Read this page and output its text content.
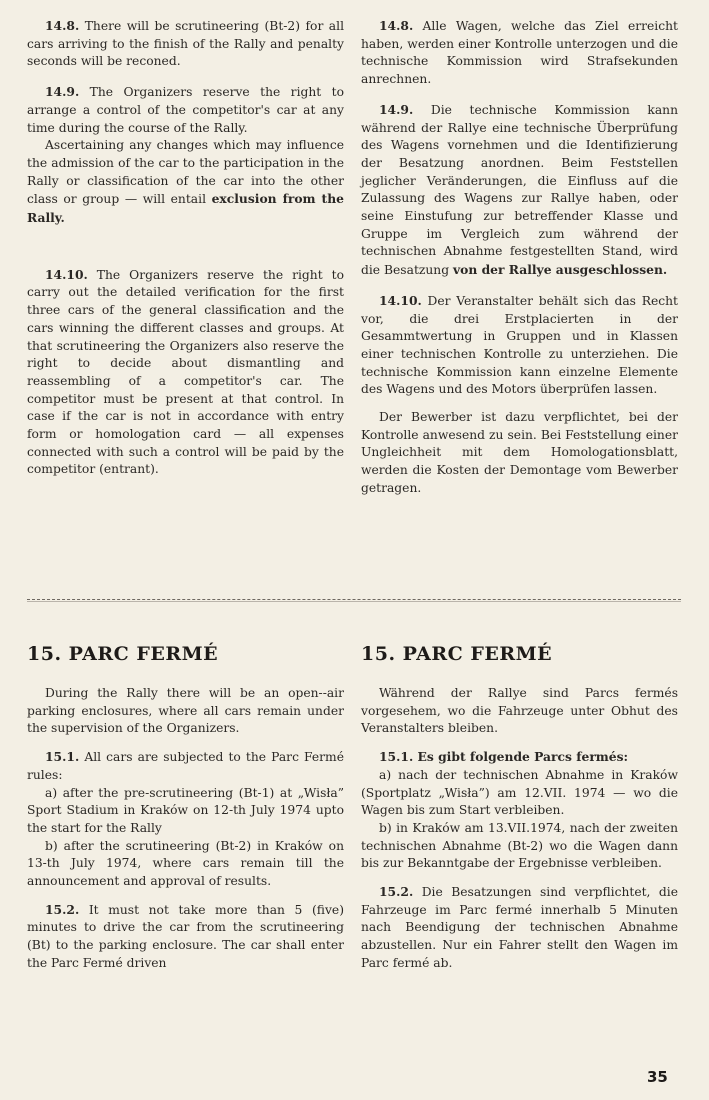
14.8. There will be scrutineering (Bt-2) for all cars arriving to the finish of the Rally and penalty seconds will be reconed.

14.9. The Organizers reserve the right to arrange a control of the competitor's car at any time during the course of the Rally.

Ascertaining any changes which may influence the admission of the car to the participation in the Rally or classification of the car into the other class or group — will entail exclusion from the Rally.

14.10. The Organizers reserve the right to carry out the detailed verification for the first three cars of the general classification and the cars winning the different classes and groups. At that scrutineering the Organizers also reserve the right to decide about dismantling and reassembling of a competitor's car. The competitor must be present at that control. In case if the car is not in accordance with entry form or homologation card — all expenses connected with such a control will be paid by the competitor (entrant).

14.8. Alle Wagen, welche das Ziel erreicht haben, werden einer Kontrolle unterzogen und die technische Kommission wird Strafsekunden anrechnen.

14.9. Die technische Kommission kann während der Rallye eine technische Überprüfung des Wagens vornehmen und die Identifizierung der Besatzung anordnen. Beim Feststellen jeglicher Veränderungen, die Einfluss auf die Zulassung des Wagens zur Rallye haben, oder seine Einstufung zur betreffender Klasse und Gruppe im Vergleich zum während der technischen Abnahme festgestellten Stand, wird die Besatzung von der Rallye ausgeschlossen.

14.10. Der Veranstalter behält sich das Recht vor, die drei Erstplacierten in der Gesammtwertung in Gruppen und in Klassen einer technischen Kontrolle zu unterziehen. Die technische Kommission kann einzelne Elemente des Wagens und des Motors überprüfen lassen.

Der Bewerber ist dazu verpflichtet, bei der Kontrolle anwesend zu sein. Bei Feststellung einer Ungleichheit mit dem Homologationsblatt, werden die Kosten der Demontage vom Bewerber getragen.

15. PARC FERMÉ	15. PARC FERMÉ

During the Rally there will be an open--air parking enclosures, where all cars remain under the supervision of the Organizers.

15.1. All cars are subjected to the Parc Fermé rules:

a) after the pre-scrutineering (Bt-1) at „Wisła” Sport Stadium in Kraków on 12-th July 1974 upto the start for the Rally

b) after the scrutineering (Bt-2) in Kraków on 13-th July 1974, where cars remain till the announcement and approval of results.

15.2. It must not take more than 5 (five) minutes to drive the car from the scrutineering (Bt) to the parking enclosure. The car shall enter the Parc Fermé driven

Während der Rallye sind Parcs fermés vorgesehem, wo die Fahrzeuge unter Obhut des Veranstalters bleiben.

15.1. Es gibt folgende Parcs fermés:

a) nach der technischen Abnahme in Kraków (Sportplatz „Wisła”) am 12.VII. 1974 — wo die Wagen bis zum Start verbleiben.

b) in Kraków am 13.VII.1974, nach der zweiten technischen Abnahme (Bt-2) wo die Wagen dann bis zur Bekanntgabe der Ergebnisse verbleiben.

15.2. Die Besatzungen sind verpflichtet, die Fahrzeuge im Parc fermé innerhalb 5 Minuten nach Beendigung der technischen Abnahme abzustellen. Nur ein Fahrer stellt den Wagen im Parc fermé ab.

35
